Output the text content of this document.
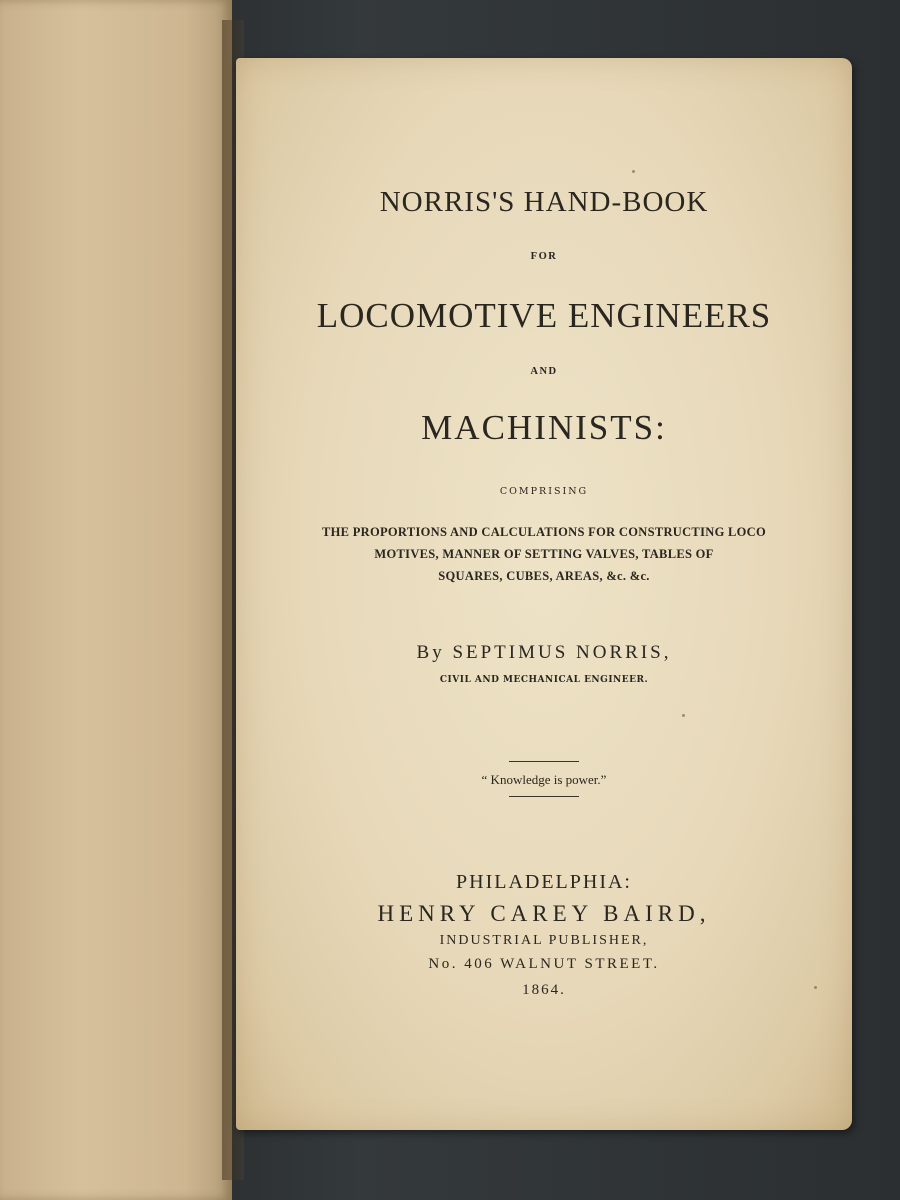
NORRIS'S HAND-BOOK

FOR

LOCOMOTIVE ENGINEERS

AND

MACHINISTS:

COMPRISING

THE PROPORTIONS AND CALCULATIONS FOR CONSTRUCTING LOCO

MOTIVES, MANNER OF SETTING VALVES, TABLES OF

SQUARES, CUBES, AREAS, &c. &c.

By SEPTIMUS NORRIS,

CIVIL AND MECHANICAL ENGINEER.

“ Knowledge is power.”

PHILADELPHIA:

HENRY CAREY BAIRD,

INDUSTRIAL PUBLISHER,

No. 406 WALNUT STREET.

1864.
